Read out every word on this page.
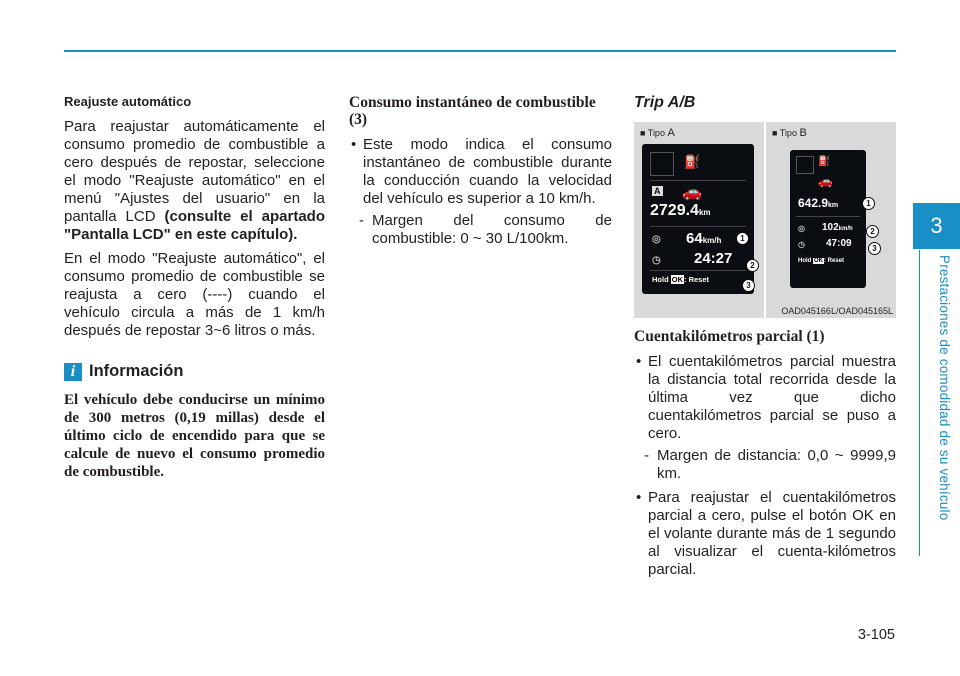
3
Prestaciones de comodidad de su vehículo
Reajuste automático

Para reajustar automáticamente el consumo promedio de combustible a cero después de repostar, seleccione el modo "Reajuste automático" en el menú "Ajustes del usuario" en la pantalla LCD (consulte el apartado "Pantalla LCD" en este capítulo).

En el modo "Reajuste automático", el consumo promedio de combustible se reajusta a cero (----) cuando el vehículo circula a más de 1 km/h después de repostar 3~6 litros o más.

i Información

El vehículo debe conducirse un mínimo de 300 metros (0,19 millas) desde el último ciclo de encendido para que se calcule de nuevo el consumo promedio de combustible.

Consumo instantáneo de combustible (3)
• Este modo indica el consumo instantáneo de combustible durante la conducción cuando la velocidad del vehículo es superior a 10 km/h.
- Margen del consumo de combustible: 0 ~ 30 L/100km.
Trip A/B
■ Tipo A
⛽
A 🚗
2729.4km
◎ 64km/h
◷ 24:27
Hold OK: Reset
1
2
3
■ Tipo B
⛽
🚗
642.9km
◎ 102km/h
◷ 47:09
Hold OK: Reset
1
2
3
OAD045166L/OAD045165L
Cuentakilómetros parcial (1)
• El cuentakilómetros parcial muestra la distancia total recorrida desde la última vez que dicho cuentakilómetros parcial se puso a cero.
- Margen de distancia: 0,0 ~ 9999,9 km.
• Para reajustar el cuentakilómetros parcial a cero, pulse el botón OK en el volante durante más de 1 segundo al visualizar el cuenta-kilómetros parcial.
3-105
